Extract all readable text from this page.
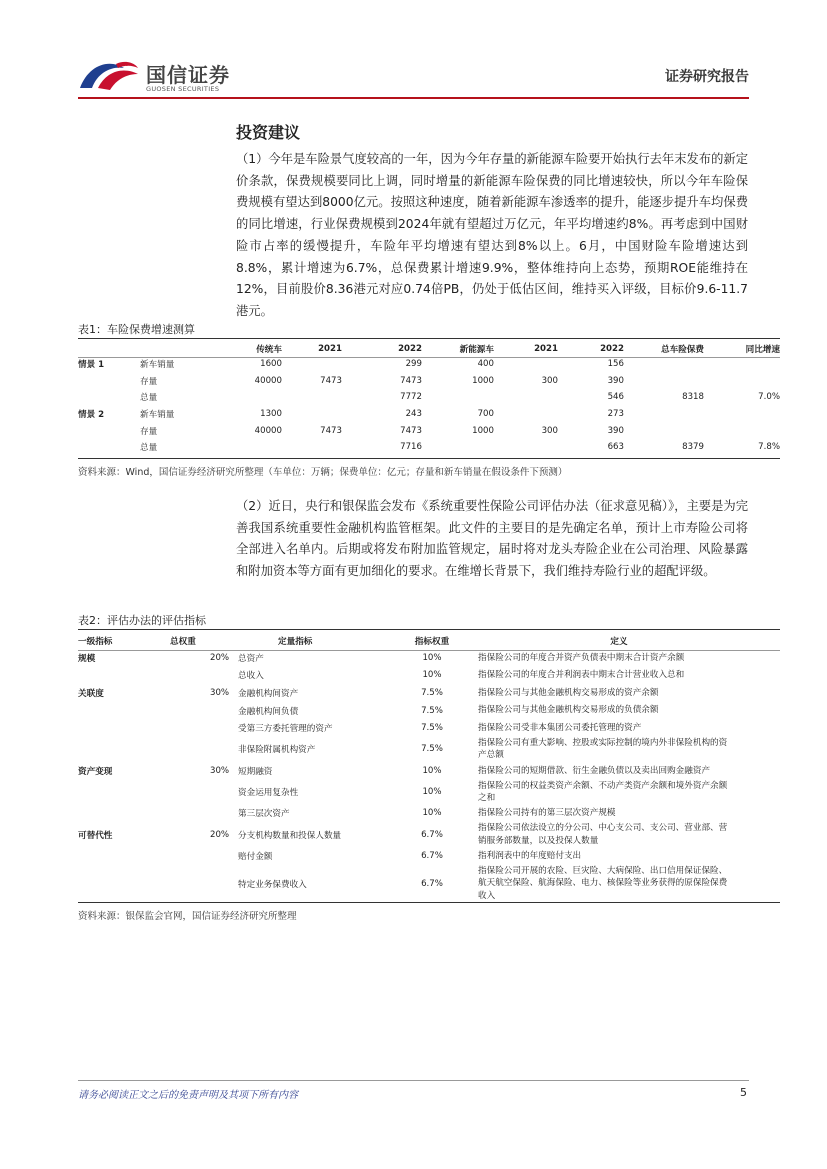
国信证券
GUOSEN SECURITIES
证券研究报告
投资建议

（1）今年是车险景气度较高的一年，因为今年存量的新能源车险要开始执行去年末发布的新定价条款，保费规模要同比上调，同时增量的新能源车险保费的同比增速较快，所以今年车险保费规模有望达到8000亿元。按照这种速度，随着新能源车渗透率的提升，能逐步提升车均保费的同比增速，行业保费规模到2024年就有望超过万亿元，年平均增速约8%。再考虑到中国财险市占率的缓慢提升，车险年平均增速有望达到8%以上。6月，中国财险车险增速达到8.8%，累计增速为6.7%，总保费累计增速9.9%，整体维持向上态势，预期ROE能维持在12%，目前股价8.36港元对应0.74倍PB，仍处于低估区间，维持买入评级，目标价9.6-11.7港元。

表1：车险保费增速测算
		传统车	2021	2022	新能源车	2021	2022	总车险保费	同比增速
情景 1	新车销量	1600		299	400		156		
	存量	40000	7473	7473	1000	300	390		
	总量			7772			546	8318	7.0%
情景 2	新车销量	1300		243	700		273		
	存量	40000	7473	7473	1000	300	390		
	总量			7716			663	8379	7.8%
资料来源：Wind，国信证券经济研究所整理（车单位：万辆；保费单位：亿元；存量和新车销量在假设条件下预测）

（2）近日，央行和银保监会发布《系统重要性保险公司评估办法（征求意见稿）》，主要是为完善我国系统重要性金融机构监管框架。此文件的主要目的是先确定名单，预计上市寿险公司将全部进入名单内。后期或将发布附加监管规定，届时将对龙头寿险企业在公司治理、风险暴露和附加资本等方面有更加细化的要求。在维增长背景下，我们维持寿险行业的超配评级。

表2：评估办法的评估指标
一级指标	总权重	定量指标	指标权重	定义
规模	20%	总资产	10%	指保险公司的年度合并资产负债表中期末合计资产余额
		总收入	10%	指保险公司的年度合并利润表中期末合计营业收入总和
关联度	30%	金融机构间资产	7.5%	指保险公司与其他金融机构交易形成的资产余额
		金融机构间负债	7.5%	指保险公司与其他金融机构交易形成的负债余额
		受第三方委托管理的资产	7.5%	指保险公司受非本集团公司委托管理的资产
		非保险附属机构资产	7.5%	指保险公司有重大影响、控股或实际控制的境内外非保险机构的资产总额
资产变现	30%	短期融资	10%	指保险公司的短期借款、衍生金融负债以及卖出回购金融资产
		资金运用复杂性	10%	指保险公司的权益类资产余额、不动产类资产余额和境外资产余额之和
		第三层次资产	10%	指保险公司持有的第三层次资产规模
可替代性	20%	分支机构数量和投保人数量	6.7%	指保险公司依法设立的分公司、中心支公司、支公司、营业部、营销服务部数量，以及投保人数量
		赔付金额	6.7%	指利润表中的年度赔付支出
		特定业务保费收入	6.7%	指保险公司开展的农险、巨灾险、大病保险、出口信用保证保险、航天航空保险、航海保险、电力、核保险等业务获得的原保险保费收入
资料来源：银保监会官网，国信证券经济研究所整理
请务必阅读正文之后的免责声明及其项下所有内容	5
